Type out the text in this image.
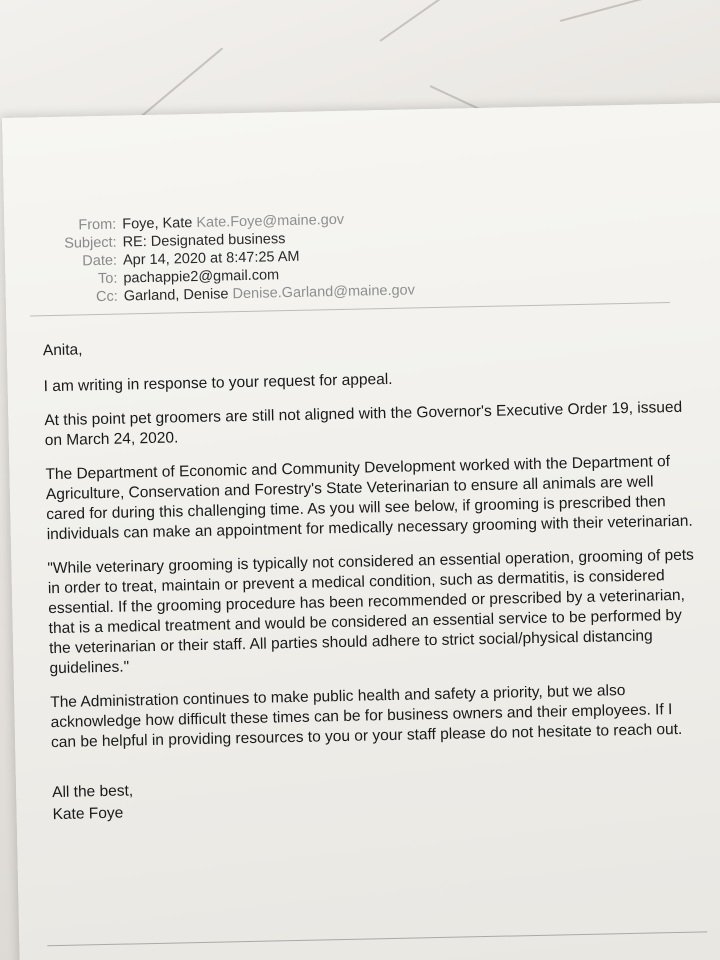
From: Foye, Kate Kate.Foye@maine.gov
Subject: RE: Designated business
Date: Apr 14, 2020 at 8:47:25 AM
To: pachappie2@gmail.com
Cc: Garland, Denise Denise.Garland@maine.gov

Anita,

I am writing in response to your request for appeal.

At this point pet groomers are still not aligned with the Governor's Executive Order 19, issued on March 24, 2020.

The Department of Economic and Community Development worked with the Department of Agriculture, Conservation and Forestry's State Veterinarian to ensure all animals are well cared for during this challenging time. As you will see below, if grooming is prescribed then individuals can make an appointment for medically necessary grooming with their veterinarian.

"While veterinary grooming is typically not considered an essential operation, grooming of pets in order to treat, maintain or prevent a medical condition, such as dermatitis, is considered essential. If the grooming procedure has been recommended or prescribed by a veterinarian, that is a medical treatment and would be considered an essential service to be performed by the veterinarian or their staff. All parties should adhere to strict social/physical distancing guidelines."

The Administration continues to make public health and safety a priority, but we also acknowledge how difficult these times can be for business owners and their employees. If I can be helpful in providing resources to you or your staff please do not hesitate to reach out.

All the best,

Kate Foye
